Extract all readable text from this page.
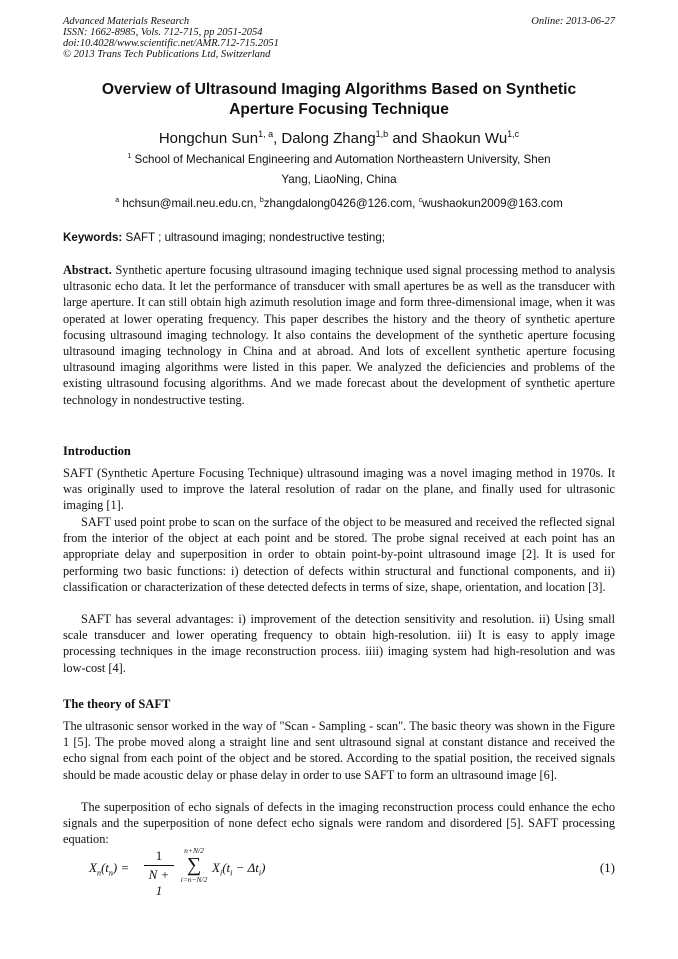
Advanced Materials Research
ISSN: 1662-8985, Vols. 712-715, pp 2051-2054
doi:10.4028/www.scientific.net/AMR.712-715.2051
© 2013 Trans Tech Publications Ltd, Switzerland
Online: 2013-06-27
Overview of Ultrasound Imaging Algorithms Based on Synthetic
Aperture Focusing Technique
Hongchun Sun$^{1, a}$, Dalong Zhang$^{1,b}$ and Shaokun Wu$^{1,c}$
$^1$ School of Mechanical Engineering and Automation Northeastern University, Shen
Yang, LiaoNing, China
$^a$ hchsun@mail.neu.edu.cn, $^b$zhangdalong0426@126.com, $^c$wushaokun2009@163.com
Keywords: SAFT ; ultrasound imaging; nondestructive testing;

Abstract. Synthetic aperture focusing ultrasound imaging technique used signal processing method to analysis ultrasonic echo data. It let the performance of transducer with small apertures be as well as the transducer with large aperture. It can still obtain high azimuth resolution image and form three-dimensional image, when it was operated at lower operating frequency. This paper describes the history and the theory of synthetic aperture focusing ultrasound imaging technology. It also contains the development of the synthetic aperture focusing ultrasound imaging technology in China and at abroad. And lots of excellent synthetic aperture focusing ultrasound imaging algorithms were listed in this paper. We analyzed the deficiencies and problems of the existing ultrasound focusing algorithms. And we made forecast about the development of synthetic aperture technology in nondestructive testing.

Introduction

SAFT (Synthetic Aperture Focusing Technique) ultrasound imaging was a novel imaging method in 1970s. It was originally used to improve the lateral resolution of radar on the plane, and finally used for ultrasonic imaging [1].

SAFT used point probe to scan on the surface of the object to be measured and received the reflected signal from the interior of the object at each point and be stored. The probe signal received at each point has an appropriate delay and superposition in order to obtain point-by-point ultrasound image [2]. It is used for performing two basic functions: i) detection of defects within structural and functional components, and ii) classification or characterization of these detected defects in terms of size, shape, orientation, and location [3].

SAFT has several advantages: i) improvement of the detection sensitivity and resolution. ii) Using small scale transducer and lower operating frequency to obtain high-resolution. iii) It is easy to apply image processing techniques in the image reconstruction process. iiii) imaging system had high-resolution and was low-cost [4].

The theory of SAFT

The ultrasonic sensor worked in the way of "Scan - Sampling - scan". The basic theory was shown in the Figure 1 [5]. The probe moved along a straight line and sent ultrasound signal at constant distance and received the echo signal from each point of the object and be stored. According to the spatial position, the received signals should be made acoustic delay or phase delay in order to use SAFT to form an ultrasound image [6].

The superposition of echo signals of defects in the imaging reconstruction process could enhance the echo signals and the superposition of none defect echo signals were random and disordered [5]. SAFT processing equation:

$X_n(t_n)$ =
1
N + 1
n+N/2
∑
i=n−N/2
$X_i(t_i - \Delta t_i)$	(1)
